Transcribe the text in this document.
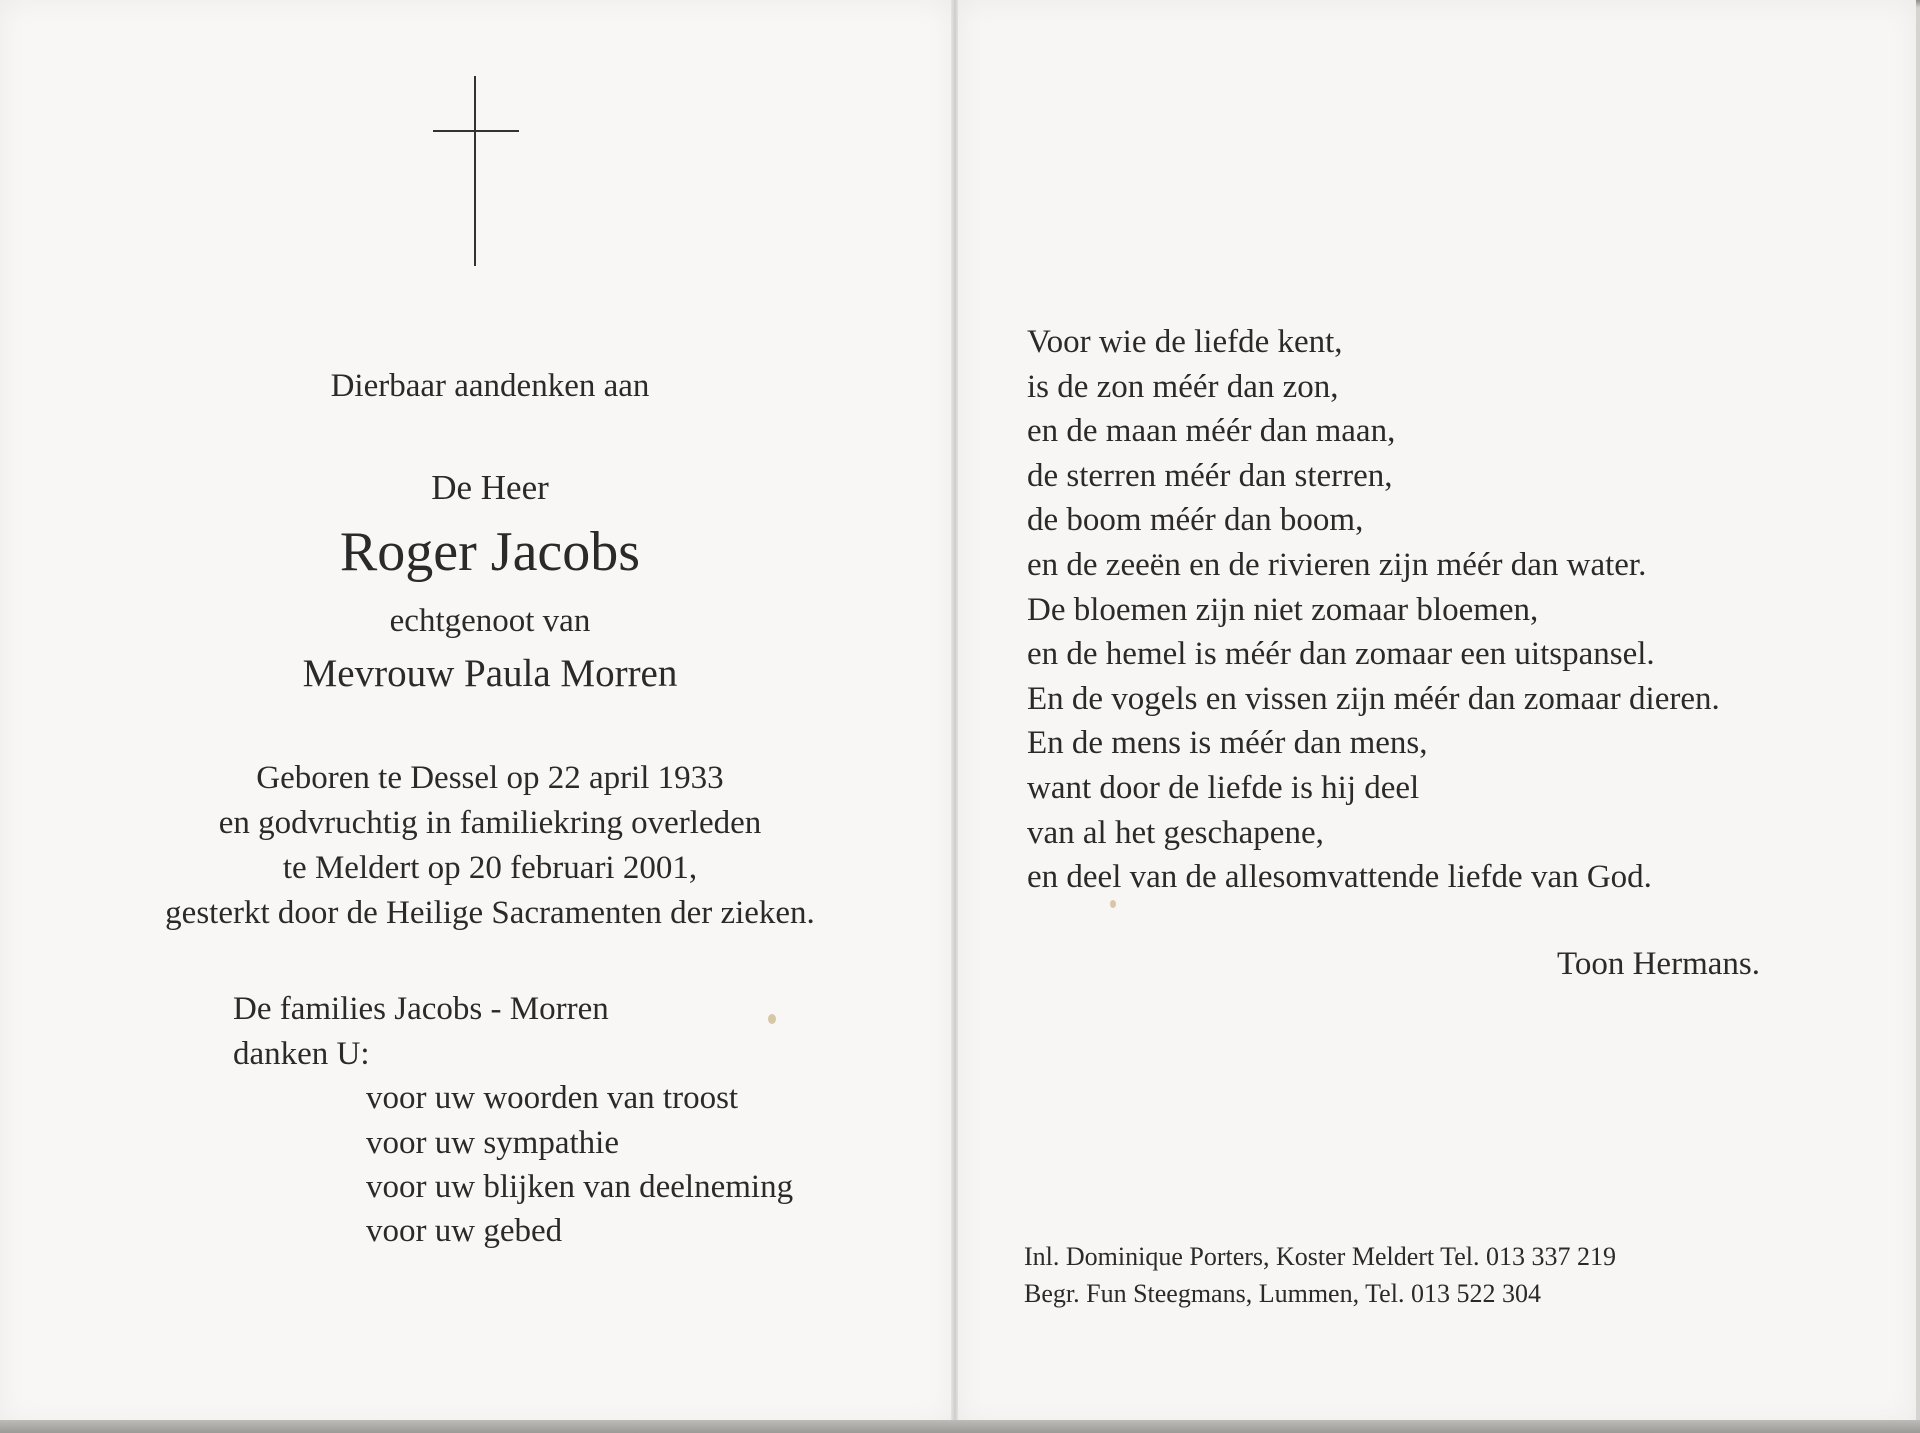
Dierbaar aandenken aan
De Heer
Roger Jacobs
echtgenoot van
Mevrouw Paula Morren
Geboren te Dessel op 22 april 1933
en godvruchtig in familiekring overleden
te Meldert op 20 februari 2001,
gesterkt door de Heilige Sacramenten der zieken.
De families Jacobs - Morren
danken U:
voor uw woorden van troost
voor uw sympathie
voor uw blijken van deelneming
voor uw gebed
Voor wie de liefde kent,
is de zon méér dan zon,
en de maan méér dan maan,
de sterren méér dan sterren,
de boom méér dan boom,
en de zeeën en de rivieren zijn méér dan water.
De bloemen zijn niet zomaar bloemen,
en de hemel is méér dan zomaar een uitspansel.
En de vogels en vissen zijn méér dan zomaar dieren.
En de mens is méér dan mens,
want door de liefde is hij deel
van al het geschapene,
en deel van de allesomvattende liefde van God.
Toon Hermans.
Inl. Dominique Porters, Koster Meldert Tel. 013 337 219
Begr. Fun Steegmans, Lummen, Tel. 013 522 304
